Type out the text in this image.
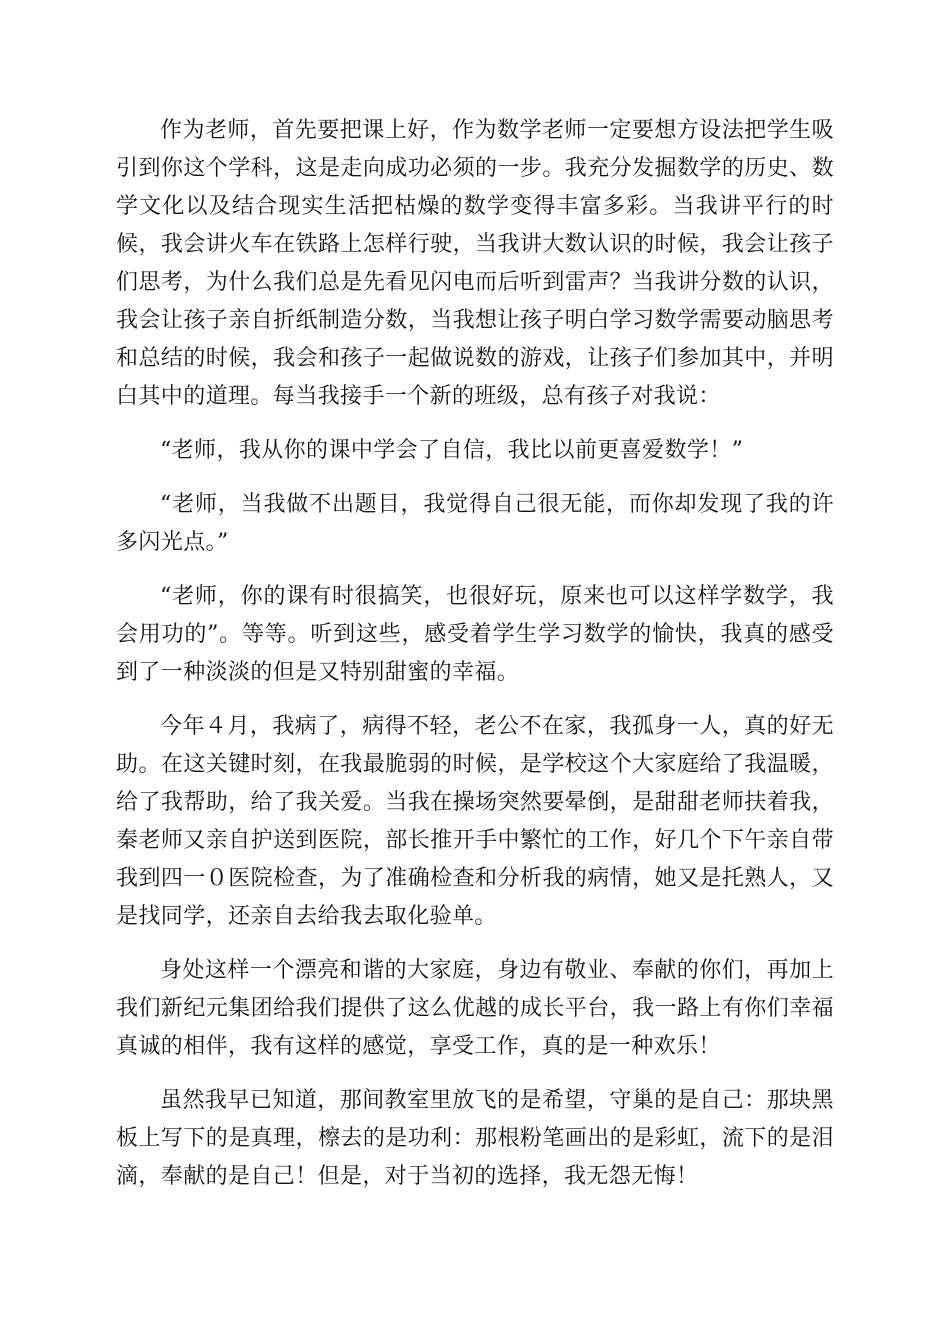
作为老师，首先要把课上好，作为数学老师一定要想方设法把学生吸引到你这个学科，这是走向成功必须的一步。我充分发掘数学的历史、数学文化以及结合现实生活把枯燥的数学变得丰富多彩。当我讲平行的时候，我会讲火车在铁路上怎样行驶，当我讲大数认识的时候，我会让孩子们思考，为什么我们总是先看见闪电而后听到雷声？当我讲分数的认识，我会让孩子亲自折纸制造分数，当我想让孩子明白学习数学需要动脑思考和总结的时候，我会和孩子一起做说数的游戏，让孩子们参加其中，并明白其中的道理。每当我接手一个新的班级，总有孩子对我说：

“老师，我从你的课中学会了自信，我比以前更喜爱数学！”

“老师，当我做不出题目，我觉得自己很无能，而你却发现了我的许多闪光点。”

“老师，你的课有时很搞笑，也很好玩，原来也可以这样学数学，我会用功的”。等等。听到这些，感受着学生学习数学的愉快，我真的感受到了一种淡淡的但是又特别甜蜜的幸福。

今年４月，我病了，病得不轻，老公不在家，我孤身一人，真的好无助。在这关键时刻，在我最脆弱的时候，是学校这个大家庭给了我温暖，给了我帮助，给了我关爱。当我在操场突然要晕倒，是甜甜老师扶着我，秦老师又亲自护送到医院，部长推开手中繁忙的工作，好几个下午亲自带我到四一０医院检查，为了准确检查和分析我的病情，她又是托熟人，又是找同学，还亲自去给我去取化验单。

身处这样一个漂亮和谐的大家庭，身边有敬业、奉献的你们，再加上我们新纪元集团给我们提供了这么优越的成长平台，我一路上有你们幸福真诚的相伴，我有这样的感觉，享受工作，真的是一种欢乐！

虽然我早已知道，那间教室里放飞的是希望，守巢的是自己：那块黑板上写下的是真理，檫去的是功利：那根粉笔画出的是彩虹，流下的是泪滴，奉献的是自己！但是，对于当初的选择，我无怨无悔！
